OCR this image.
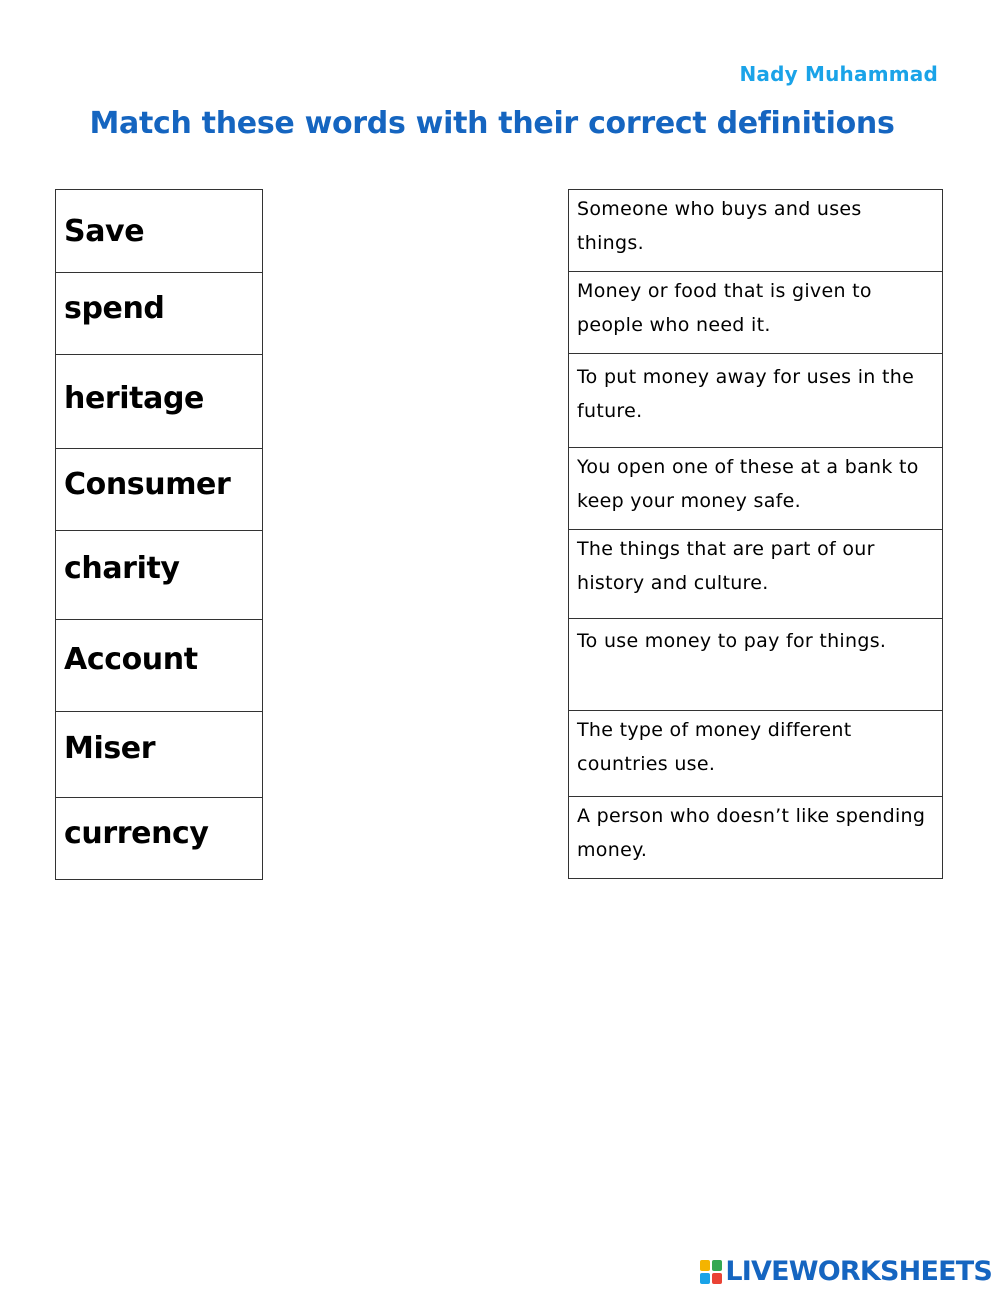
Nady Muhammad
Match these words with their correct definitions
Save

spend

heritage

Consumer

charity

Account

Miser

currency
Someone who buys and uses things.

Money or food that is given to people who need it.

To put money away for uses in the future.

You open one of these at a bank to keep your money safe.

The things that are part of our history and culture.

To use money to pay for things.

The type of money different countries use.

A person who doesn’t like spending money.
LIVEWORKSHEETS
